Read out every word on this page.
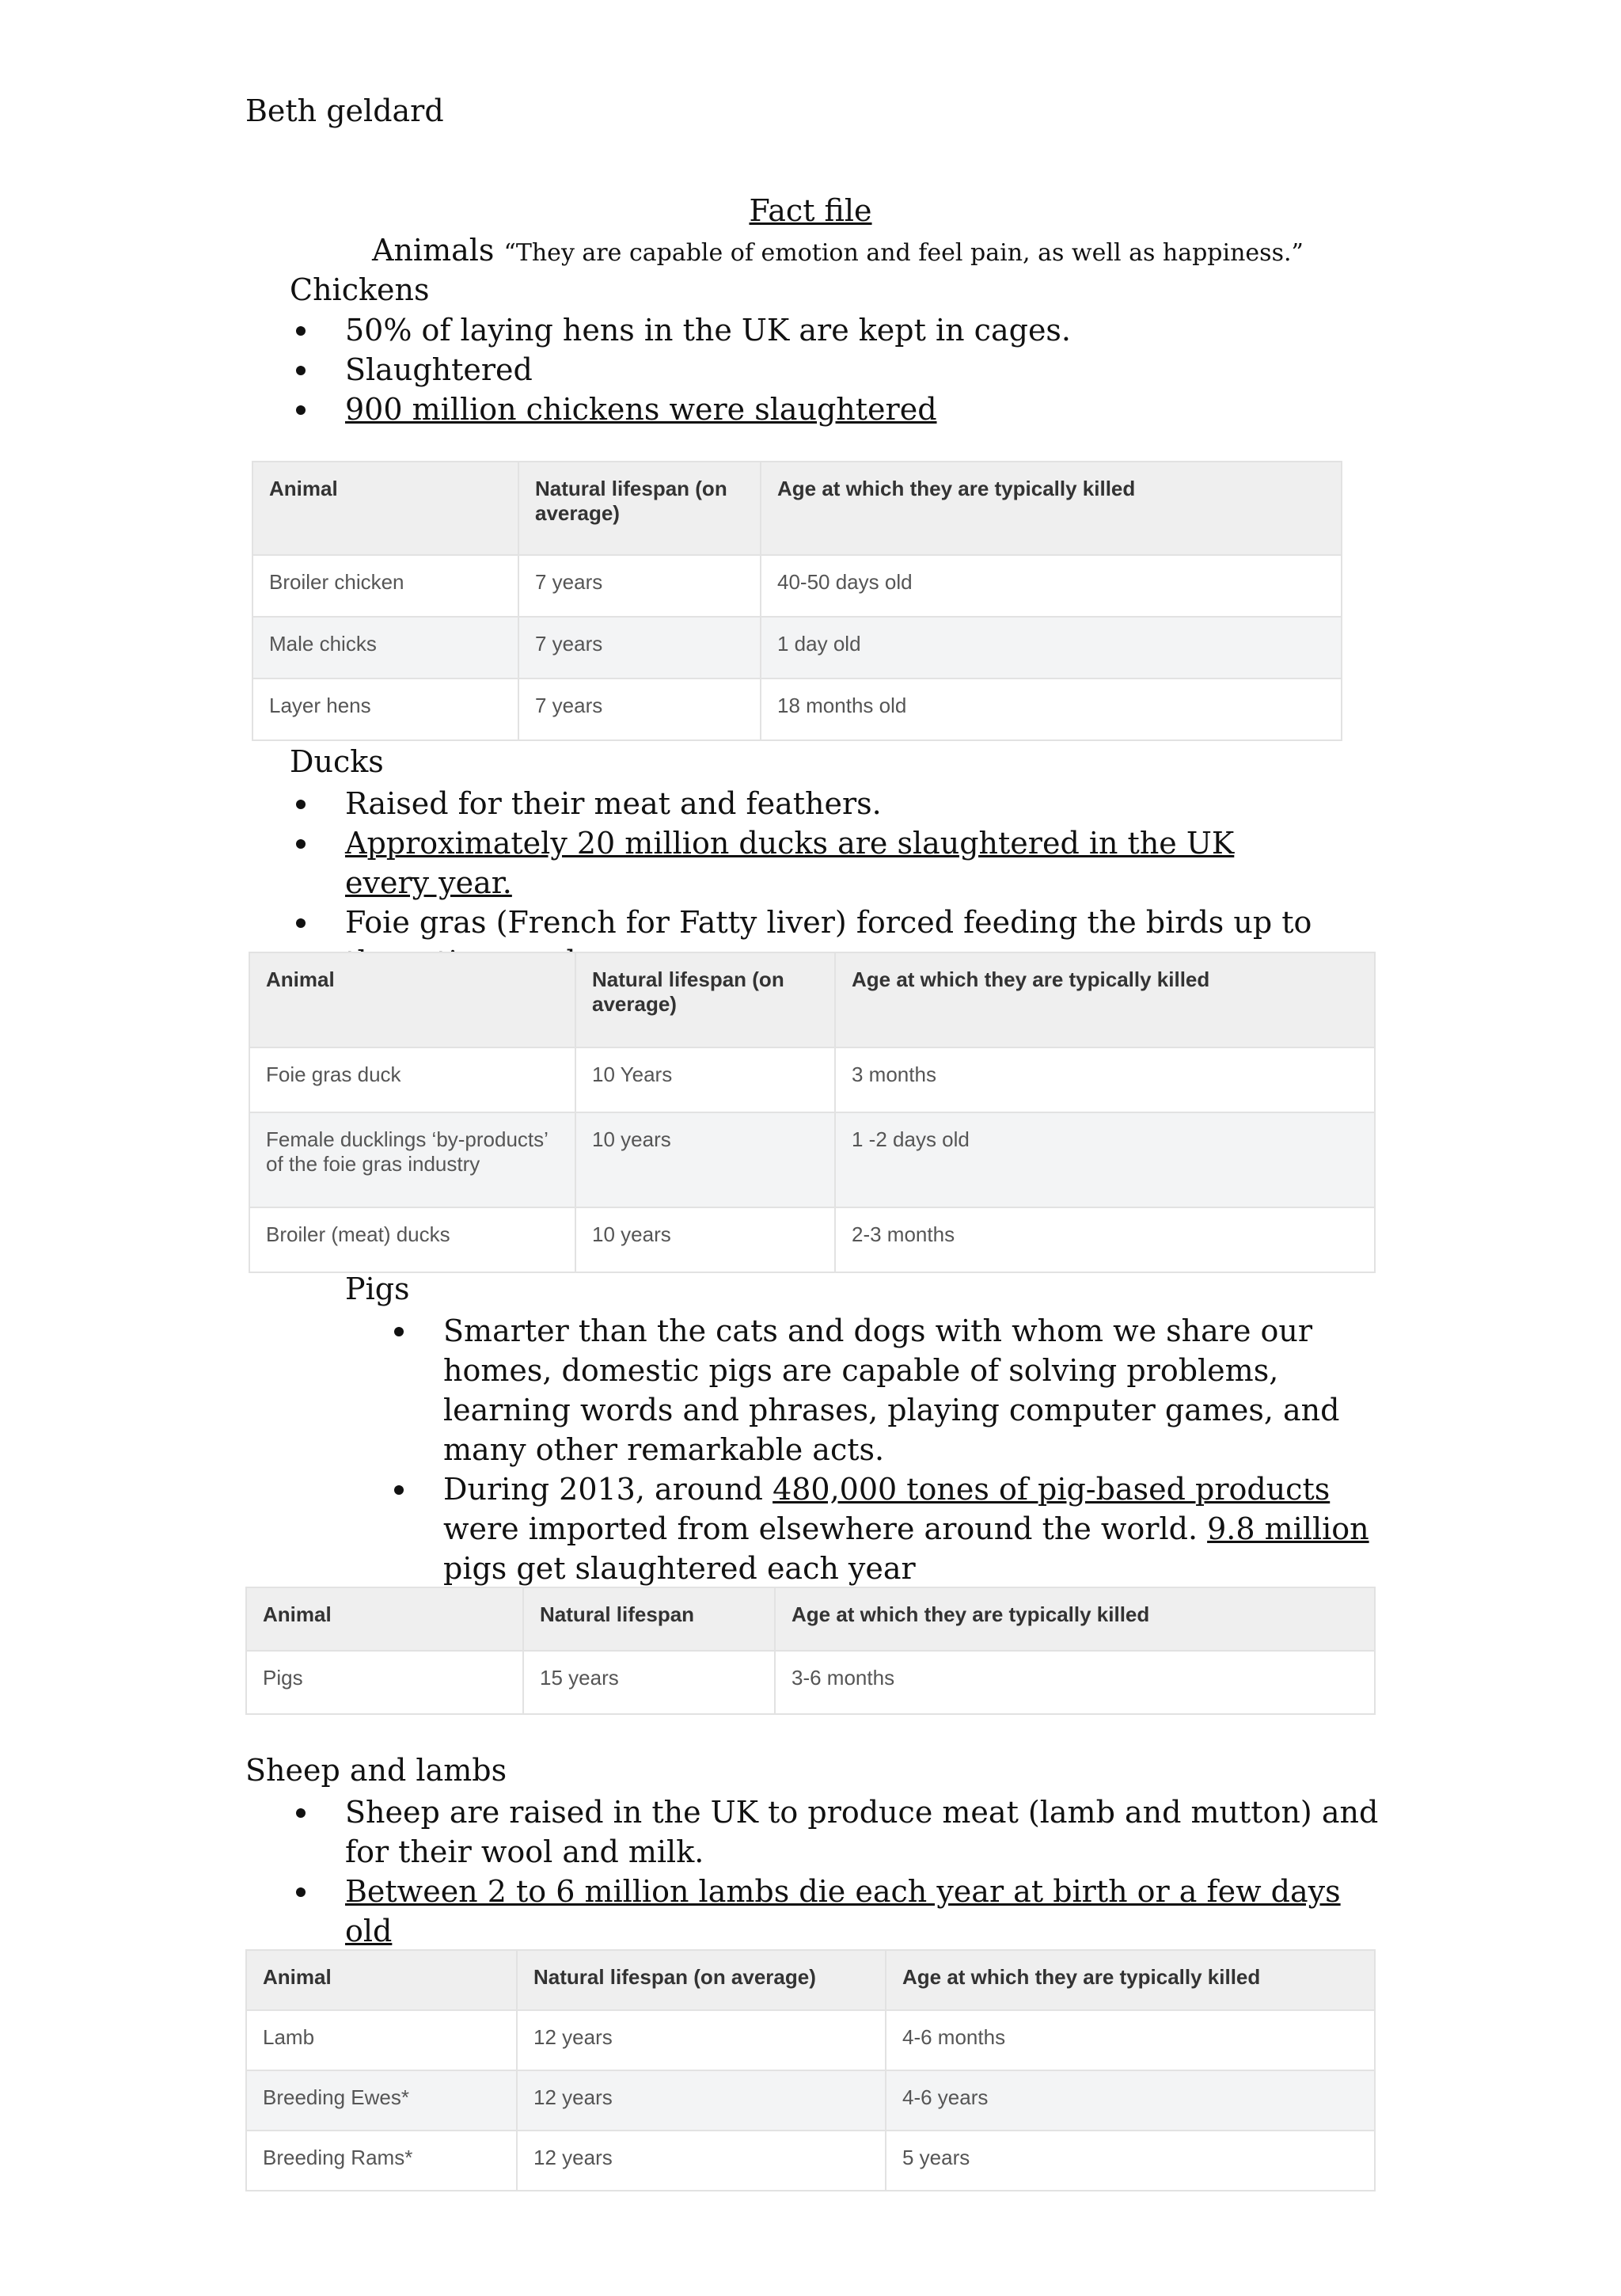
Beth geldard
Fact file
Animals “They are capable of emotion and feel pain, as well as happiness.”
Chickens
50% of laying hens in the UK are kept in cages.
Slaughtered
900 million chickens were slaughtered
Animal	Natural lifespan (on average)	Age at which they are typically killed
Broiler chicken	7 years	40-50 days old
Male chicks	7 years	1 day old
Layer hens	7 years	18 months old
Ducks
Raised for their meat and feathers.
Approximately 20 million ducks are slaughtered in the UK every year.
Foie gras (French for Fatty liver) forced feeding the birds up to
Animal	Natural lifespan (on average)	Age at which they are typically killed
Foie gras duck	10 Years	3 months
Female ducklings ‘by-products’ of the foie gras industry	10 years	1 -2 days old
Broiler (meat) ducks	10 years	2-3 months
Pigs
Smarter than the cats and dogs with whom we share our homes, domestic pigs are capable of solving problems, learning words and phrases, playing computer games, and many other remarkable acts.
During 2013, around 480,000 tones of pig-based products were imported from elsewhere around the world. 9.8 million pigs get slaughtered each year
Animal	Natural lifespan	Age at which they are typically killed
Pigs	15 years	3-6 months
Sheep and lambs
Sheep are raised in the UK to produce meat (lamb and mutton) and for their wool and milk.
Between 2 to 6 million lambs die each year at birth or a few days old
Animal	Natural lifespan (on average)	Age at which they are typically killed
Lamb	12 years	4-6 months
Breeding Ewes*	12 years	4-6 years
Breeding Rams*	12 years	5 years
